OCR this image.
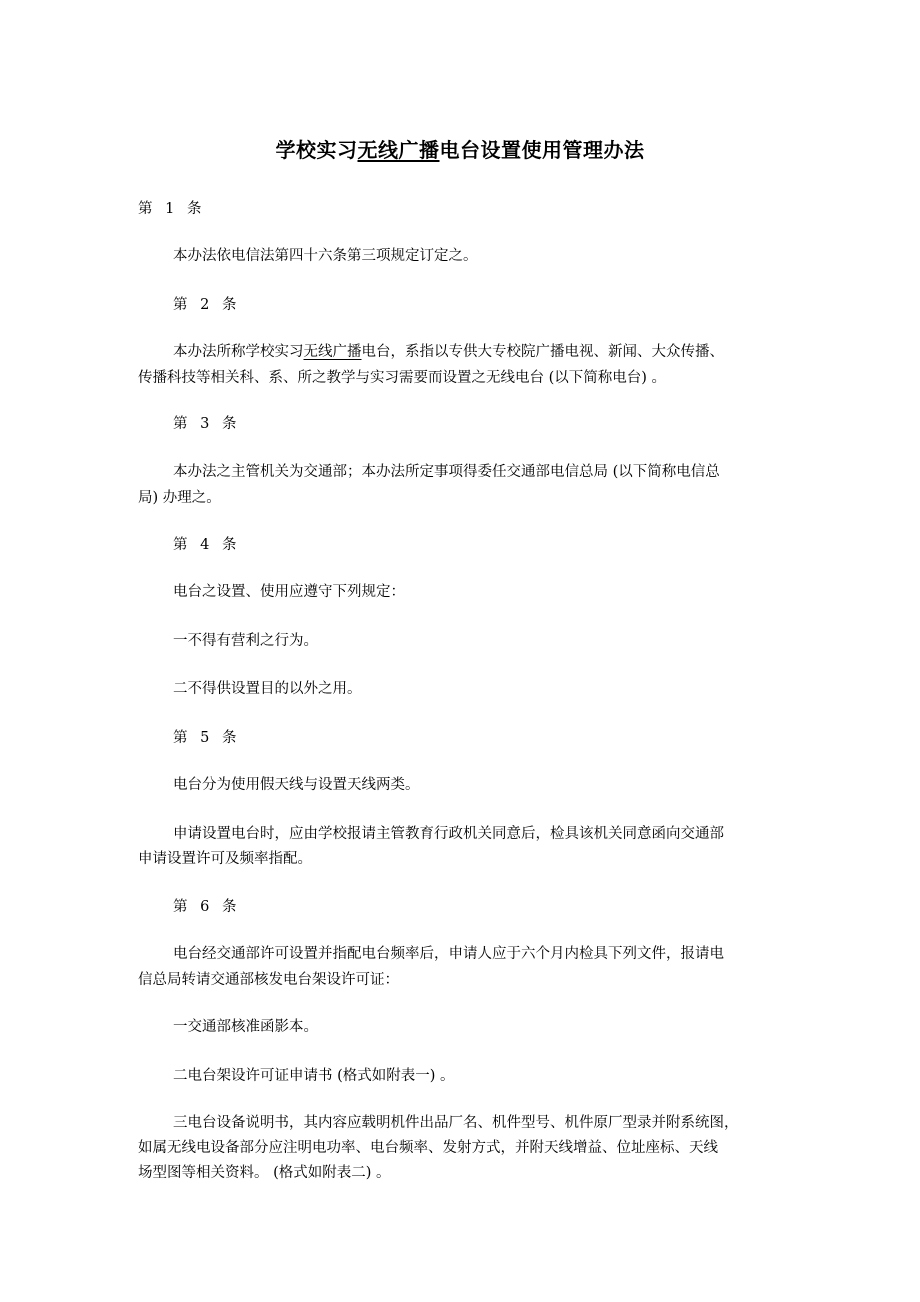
学校实习无线广播电台设置使用管理办法

第 1 条

本办法依电信法第四十六条第三项规定订定之。

第 2 条

本办法所称学校实习无线广播电台，系指以专供大专校院广播电视、新闻、大众传播、

传播科技等相关科、系、所之教学与实习需要而设置之无线电台 (以下简称电台) 。

第 3 条

本办法之主管机关为交通部；本办法所定事项得委任交通部电信总局 (以下简称电信总

局) 办理之。

第 4 条

电台之设置、使用应遵守下列规定：

一不得有营利之行为。

二不得供设置目的以外之用。

第 5 条

电台分为使用假天线与设置天线两类。

申请设置电台时，应由学校报请主管教育行政机关同意后，检具该机关同意函向交通部

申请设置许可及频率指配。

第 6 条

电台经交通部许可设置并指配电台频率后，申请人应于六个月内检具下列文件，报请电

信总局转请交通部核发电台架设许可证：

一交通部核准函影本。

二电台架设许可证申请书 (格式如附表一) 。

三电台设备说明书，其内容应载明机件出品厂名、机件型号、机件原厂型录并附系统图，

如属无线电设备部分应注明电功率、电台频率、发射方式，并附天线增益、位址座标、天线

场型图等相关资料。 (格式如附表二) 。
